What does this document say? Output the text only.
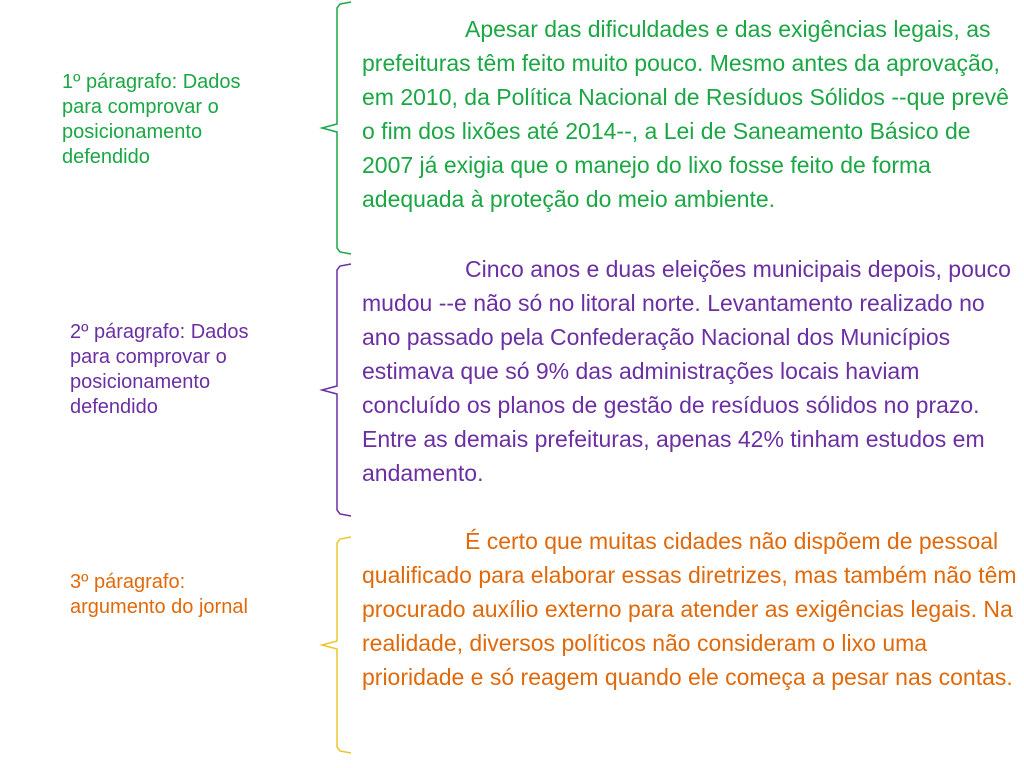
1º páragrafo: Dados
para comprovar o
posicionamento
defendido
2º páragrafo: Dados
para comprovar o
posicionamento
defendido
3º páragrafo:
argumento do jornal

Apesar das dificuldades e das exigências legais, as prefeituras têm feito muito pouco. Mesmo antes da aprovação, em 2010, da Política Nacional de Resíduos Sólidos --que prevê o fim dos lixões até 2014--, a Lei de Saneamento Básico de 2007 já exigia que o manejo do lixo fosse feito de forma adequada à proteção do meio ambiente.

Cinco anos e duas eleições municipais depois, pouco mudou --e não só no litoral norte. Levantamento realizado no ano passado pela Confederação Nacional dos Municípios estimava que só 9% das administrações locais haviam concluído os planos de gestão de resíduos sólidos no prazo. Entre as demais prefeituras, apenas 42% tinham estudos em andamento.

É certo que muitas cidades não dispõem de pessoal qualificado para elaborar essas diretrizes, mas também não têm procurado auxílio externo para atender as exigências legais. Na realidade, diversos políticos não consideram o lixo uma prioridade e só reagem quando ele começa a pesar nas contas.
